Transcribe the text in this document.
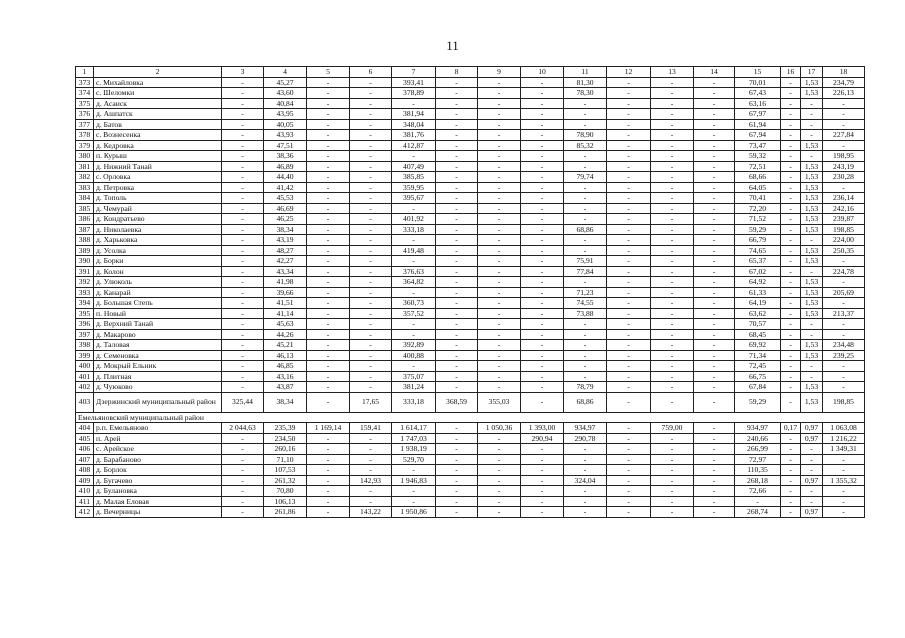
11
1	2	3	4	5	6	7	8	9	10	11	12	13	14	15	16	17	18
373	с. Михайловка	-	45,27	-	-	393,41	-	-	-	81,30	-	-	-	70,01	-	1,53	234,79
374	с. Шеломки	-	43,60	-	-	378,89	-	-	-	78,30	-	-	-	67,43	-	1,53	226,13
375	д. Асаиск	-	40,84	-	-	-	-	-	-	-	-	-	-	63,16	-	-	-
376	д. Ашпатск	-	43,95	-	-	381,94	-	-	-	-	-	-	-	67,97	-	-	-
377	д. Батов	-	40,05	-	-	348,04	-	-	-	-	-	-	-	61,94	-	-	-
378	с. Вознесенка	-	43,93	-	-	381,76	-	-	-	78,90	-	-	-	67,94	-	-	227,84
379	д. Кедровка	-	47,51	-	-	412,87	-	-	-	85,32	-	-	-	73,47	-	1,53	-
380	п. Курыш	-	38,36	-	-	-	-	-	-	-	-	-	-	59,32	-	-	198,95
381	д. Нижний Танай	-	46,89	-	-	407,49	-	-	-	-	-	-	-	72,51	-	1,53	243,19
382	с. Орловка	-	44,40	-	-	385,85	-	-	-	79,74	-	-	-	68,66	-	1,53	230,28
383	д. Петровка	-	41,42	-	-	359,95	-	-	-	-	-	-	-	64,05	-	1,53	-
384	д. Тополь	-	45,53	-	-	395,67	-	-	-	-	-	-	-	70,41	-	1,53	236,14
385	д. Чемурай	-	46,69	-	-	-	-	-	-	-	-	-	-	72,20	-	1,53	242,16
386	д. Кондратьево	-	46,25	-	-	401,92	-	-	-	-	-	-	-	71,52	-	1,53	239,87
387	д. Николаевка	-	38,34	-	-	333,18	-	-	-	68,86	-	-	-	59,29	-	1,53	198,85
388	д. Харьковка	-	43,19	-	-	-	-	-	-	-	-	-	-	66,79	-	-	224,00
389	д. Усолка	-	48,27	-	-	419,48	-	-	-	-	-	-	-	74,65	-	1,53	250,35
390	д. Борки	-	42,27	-	-	-	-	-	-	75,91	-	-	-	65,37	-	1,53	-
391	д. Колон	-	43,34	-	-	376,63	-	-	-	77,84	-	-	-	67,02	-	-	224,78
392	д. Улюколь	-	41,98	-	-	364,82	-	-	-	-	-	-	-	64,92	-	1,53	-
393	д. Канарай	-	39,66	-	-	-	-	-	-	71,23	-	-	-	61,33	-	1,53	205,69
394	д. Большая Степь	-	41,51	-	-	360,73	-	-	-	74,55	-	-	-	64,19	-	1,53	-
395	п. Новый	-	41,14	-	-	357,52	-	-	-	73,88	-	-	-	63,62	-	1,53	213,37
396	д. Верхний Танай	-	45,63	-	-	-	-	-	-	-	-	-	-	70,57	-	-	-
397	д. Макарово	-	44,26	-	-	-	-	-	-	-	-	-	-	68,45	-	-	-
398	д. Таловая	-	45,21	-	-	392,89	-	-	-	-	-	-	-	69,92	-	1,53	234,48
399	д. Семеновка	-	46,13	-	-	400,88	-	-	-	-	-	-	-	71,34	-	1,53	239,25
400	д. Мокрый Ельник	-	46,85	-	-	-	-	-	-	-	-	-	-	72,45	-	-	-
401	д. Плитная	-	43,16	-	-	375,07	-	-	-	-	-	-	-	66,75	-	-	-
402	д. Чуюково	-	43,87	-	-	381,24	-	-	-	78,79	-	-	-	67,84	-	1,53	-
403	Дзержинский муниципальный район	325,44	38,34	-	17,65	333,18	368,59	355,03	-	68,86	-	-	-	59,29	-	1,53	198,85
Емельяновский муниципальный район																	
404	р.п. Емельяново	2 044,63	235,39	1 169,14	159,41	1 614,17	-	1 050,36	1 393,00	934,97	-	759,00	-	934,97	0,17	0,97	1 063,08
405	п. Арей	-	234,50	-	-	1 747,03	-	-	290,94	290,78	-	-	-	240,66	-	0,97	1 216,22
406	с. Арейское	-	260,16	-	-	1 938,19	-	-	-	-	-	-	-	266,99	-	-	1 349,31
407	д. Барабаново	-	71,10	-	-	529,70	-	-	-	-	-	-	-	72,97	-	-	-
408	д. Борлок	-	107,53	-	-	-	-	-	-	-	-	-	-	110,35	-	-	-
409	д. Бугачево	-	261,32	-	142,93	1 946,83	-	-	-	324,04	-	-	-	268,18	-	0,97	1 355,32
410	д. Булановка	-	70,80	-	-	-	-	-	-	-	-	-	-	72,66	-	-	-
411	д. Малая Еловая	-	106,13	-	-	-	-	-	-	-	-	-	-	-	-	-	-
412	д. Вечерницы	-	261,86	-	143,22	1 950,86	-	-	-	-	-	-	-	268,74	-	0,97	-
